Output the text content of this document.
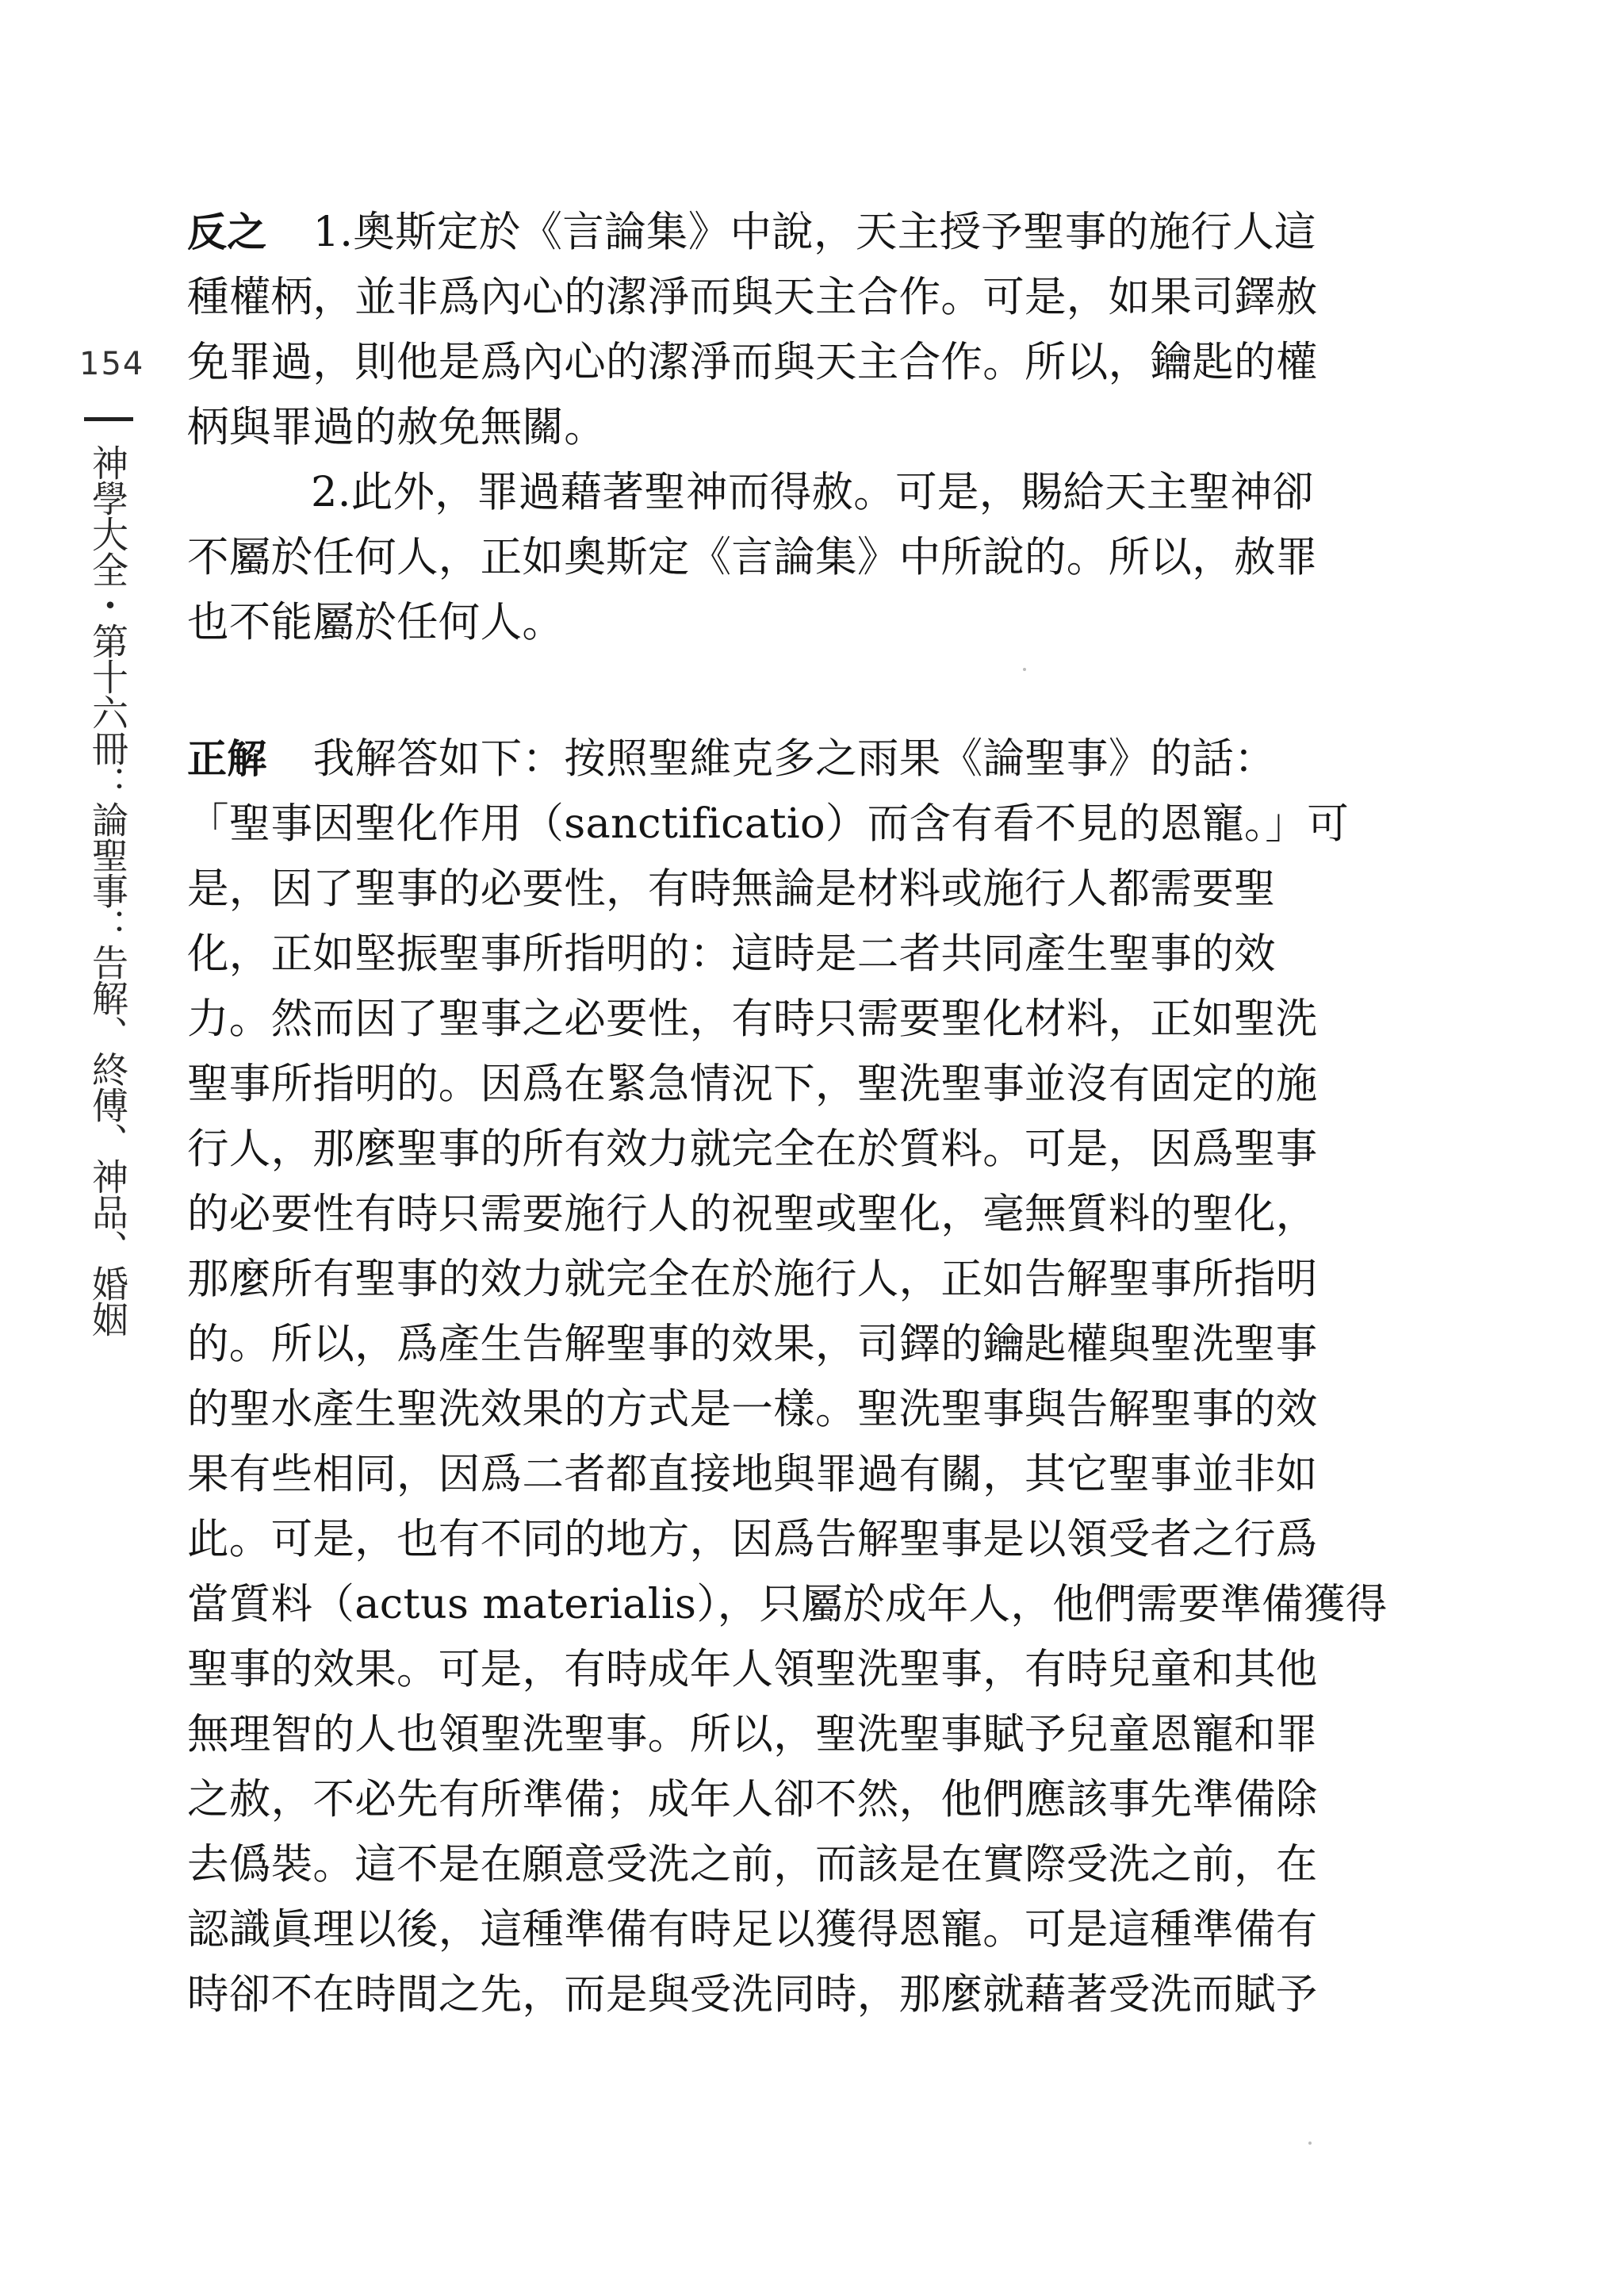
154
神學大全・第十六冊：論聖事：告解、終傅、神品、婚姻
反之 1.奧斯定於《言論集》中說，天主授予聖事的施行人這
種權柄，並非爲內心的潔淨而與天主合作。可是，如果司鐸赦
免罪過，則他是爲內心的潔淨而與天主合作。所以，鑰匙的權
柄與罪過的赦免無關。
2.此外，罪過藉著聖神而得赦。可是，賜給天主聖神卻
不屬於任何人，正如奧斯定《言論集》中所說的。所以，赦罪
也不能屬於任何人。
正解 我解答如下：按照聖維克多之雨果《論聖事》的話：
「聖事因聖化作用（sanctificatio）而含有看不見的恩寵。」可
是，因了聖事的必要性，有時無論是材料或施行人都需要聖
化，正如堅振聖事所指明的：這時是二者共同產生聖事的效
力。然而因了聖事之必要性，有時只需要聖化材料，正如聖洗
聖事所指明的。因爲在緊急情況下，聖洗聖事並沒有固定的施
行人，那麼聖事的所有效力就完全在於質料。可是，因爲聖事
的必要性有時只需要施行人的祝聖或聖化，毫無質料的聖化，
那麼所有聖事的效力就完全在於施行人，正如告解聖事所指明
的。所以，爲產生告解聖事的效果，司鐸的鑰匙權與聖洗聖事
的聖水產生聖洗效果的方式是一樣。聖洗聖事與告解聖事的效
果有些相同，因爲二者都直接地與罪過有關，其它聖事並非如
此。可是，也有不同的地方，因爲告解聖事是以領受者之行爲
當質料（actus materialis），只屬於成年人，他們需要準備獲得
聖事的效果。可是，有時成年人領聖洗聖事，有時兒童和其他
無理智的人也領聖洗聖事。所以，聖洗聖事賦予兒童恩寵和罪
之赦，不必先有所準備；成年人卻不然，他們應該事先準備除
去僞裝。這不是在願意受洗之前，而該是在實際受洗之前，在
認識眞理以後，這種準備有時足以獲得恩寵。可是這種準備有
時卻不在時間之先，而是與受洗同時，那麼就藉著受洗而賦予
